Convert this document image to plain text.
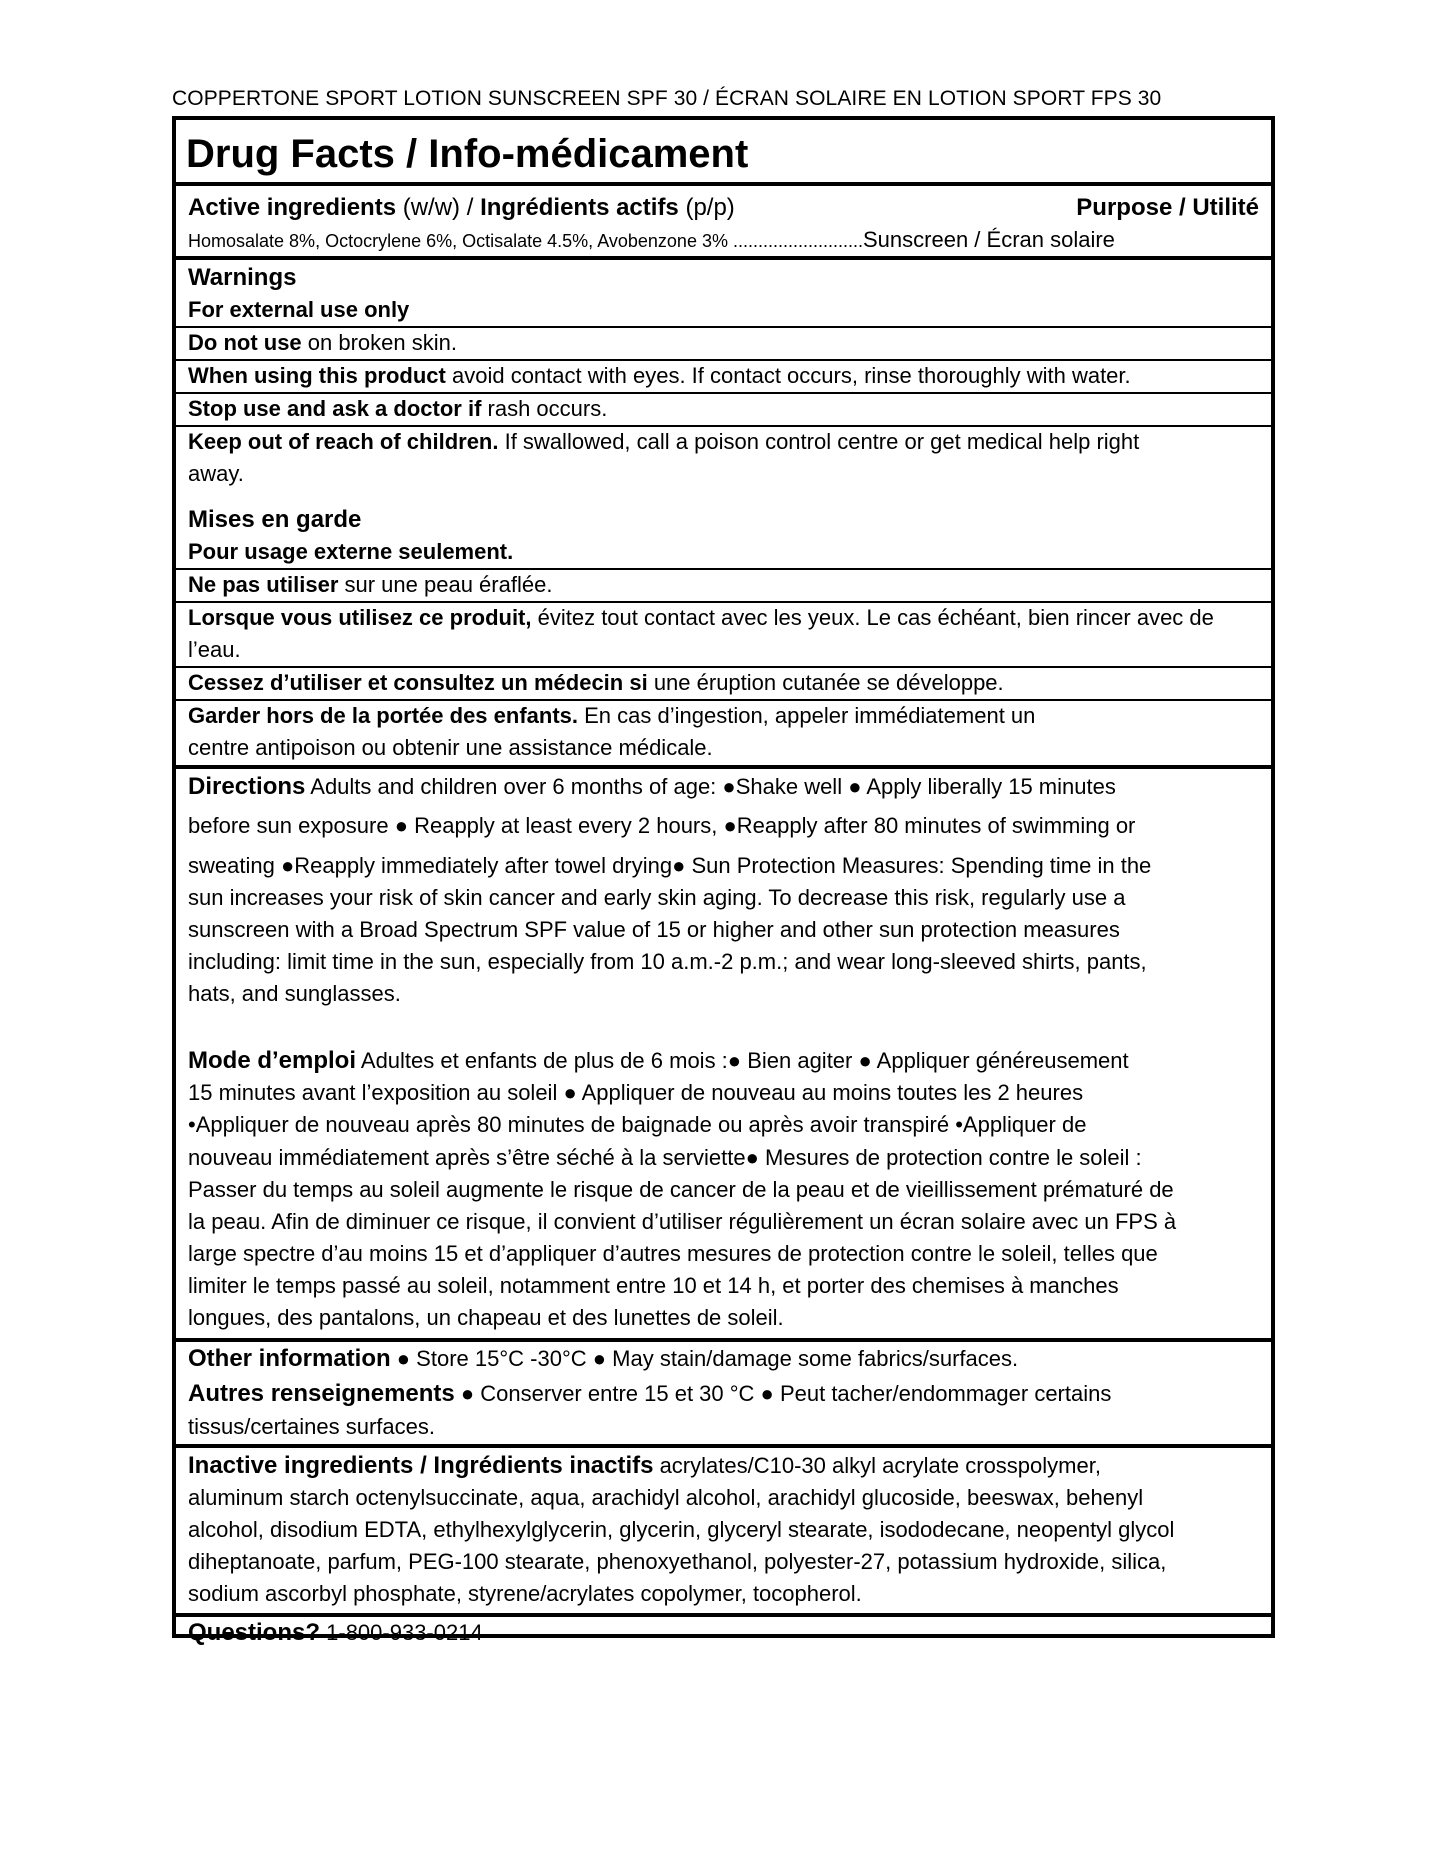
COPPERTONE SPORT LOTION SUNSCREEN SPF 30 / ÉCRAN SOLAIRE EN LOTION SPORT FPS 30
Drug Facts / Info-médicament
Active ingredients (w/w) / Ingrédients actifs (p/p)	Purpose / Utilité
Homosalate 8%, Octocrylene 6%, Octisalate 4.5%, Avobenzone 3% ..........................Sunscreen / Écran solaire
Warnings
For external use only
Do not use on broken skin.
When using this product avoid contact with eyes. If contact occurs, rinse thoroughly with water.
Stop use and ask a doctor if rash occurs.
Keep out of reach of children. If swallowed, call a poison control centre or get medical help right
away.
Mises en garde
Pour usage externe seulement.
Ne pas utiliser sur une peau éraflée.
Lorsque vous utilisez ce produit, évitez tout contact avec les yeux. Le cas échéant, bien rincer avec de
l’eau.
Cessez d’utiliser et consultez un médecin si une éruption cutanée se développe.
Garder hors de la portée des enfants. En cas d’ingestion, appeler immédiatement un
centre antipoison ou obtenir une assistance médicale.
Directions Adults and children over 6 months of age: ●Shake well ● Apply liberally 15 minutes
before sun exposure ● Reapply at least every 2 hours, ●Reapply after 80 minutes of swimming or
sweating ●Reapply immediately after towel drying● Sun Protection Measures: Spending time in the
sun increases your risk of skin cancer and early skin aging. To decrease this risk, regularly use a
sunscreen with a Broad Spectrum SPF value of 15 or higher and other sun protection measures
including: limit time in the sun, especially from 10 a.m.-2 p.m.; and wear long-sleeved shirts, pants,
hats, and sunglasses.
Mode d’emploi Adultes et enfants de plus de 6 mois :● Bien agiter ● Appliquer généreusement
15 minutes avant l’exposition au soleil ● Appliquer de nouveau au moins toutes les 2 heures
•Appliquer de nouveau après 80 minutes de baignade ou après avoir transpiré •Appliquer de
nouveau immédiatement après s’être séché à la serviette● Mesures de protection contre le soleil :
Passer du temps au soleil augmente le risque de cancer de la peau et de vieillissement prématuré de
la peau. Afin de diminuer ce risque, il convient d’utiliser régulièrement un écran solaire avec un FPS à
large spectre d’au moins 15 et d’appliquer d’autres mesures de protection contre le soleil, telles que
limiter le temps passé au soleil, notamment entre 10 et 14 h, et porter des chemises à manches
longues, des pantalons, un chapeau et des lunettes de soleil.
Other information ● Store 15°C -30°C ● May stain/damage some fabrics/surfaces.
Autres renseignements ● Conserver entre 15 et 30 °C ● Peut tacher/endommager certains
tissus/certaines surfaces.
Inactive ingredients / Ingrédients inactifs acrylates/C10-30 alkyl acrylate crosspolymer,
aluminum starch octenylsuccinate, aqua, arachidyl alcohol, arachidyl glucoside, beeswax, behenyl
alcohol, disodium EDTA, ethylhexylglycerin, glycerin, glyceryl stearate, isododecane, neopentyl glycol
diheptanoate, parfum, PEG-100 stearate, phenoxyethanol, polyester-27, potassium hydroxide, silica,
sodium ascorbyl phosphate, styrene/acrylates copolymer, tocopherol.
Questions? 1-800-933-0214
